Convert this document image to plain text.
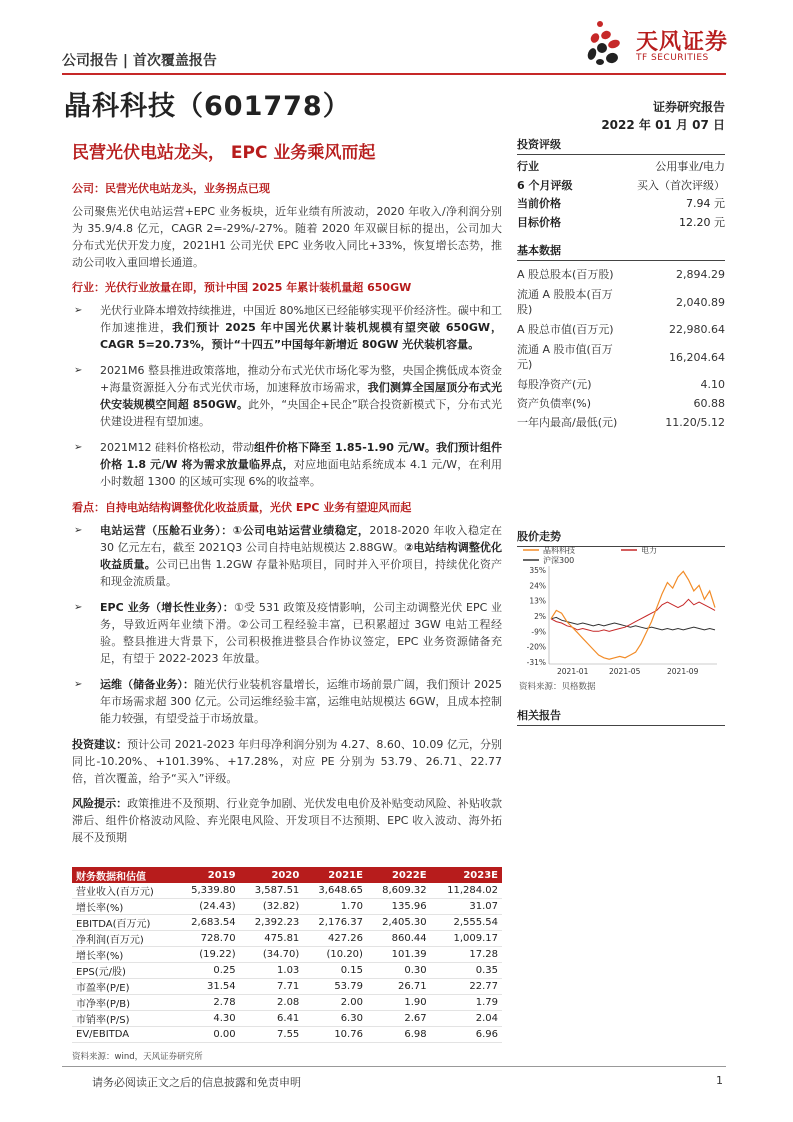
公司报告 | 首次覆盖报告
晶科科技（601778）
天风证券
TF SECURITIES
证券研究报告
2022 年 01 月 07 日
民营光伏电站龙头， EPC 业务乘风而起
公司：民营光伏电站龙头，业务拐点已现
公司聚焦光伏电站运营+EPC 业务板块，近年业绩有所波动，2020 年收入/净利润分别为 35.9/4.8 亿元，CAGR 2=-29%/-27%。随着 2020 年双碳目标的提出，公司加大分布式光伏开发力度，2021H1 公司光伏 EPC 业务收入同比+33%，恢复增长态势，推动公司收入重回增长通道。
行业：光伏行业放量在即，预计中国 2025 年累计装机量超 650GW
➢ 光伏行业降本增效持续推进，中国近 80%地区已经能够实现平价经济性。碳中和工作加速推进，我们预计 2025 年中国光伏累计装机规模有望突破 650GW，CAGR 5=20.73%，预计“十四五”中国每年新增近 80GW 光伏装机容量。
➢ 2021M6 整县推进政策落地，推动分布式光伏市场化零为整，央国企携低成本资金+海量资源挺入分布式光伏市场，加速释放市场需求，我们测算全国屋顶分布式光伏安装规模空间超 850GW。此外，“央国企+民企”联合投资新模式下，分布式光伏建设进程有望加速。
➢ 2021M12 硅料价格松动，带动组件价格下降至 1.85-1.90 元/W。我们预计组件价格 1.8 元/W 将为需求放量临界点，对应地面电站系统成本 4.1 元/W，在利用小时数超 1300 的区域可实现 6%的收益率。
看点：自持电站结构调整优化收益质量，光伏 EPC 业务有望迎风而起
➢ 电站运营（压舱石业务）：①公司电站运营业绩稳定，2018-2020 年收入稳定在 30 亿元左右，截至 2021Q3 公司自持电站规模达 2.88GW。②电站结构调整优化收益质量。公司已出售 1.2GW 存量补贴项目，同时并入平价项目，持续优化资产和现金流质量。
➢ EPC 业务（增长性业务）：①受 531 政策及疫情影响，公司主动调整光伏 EPC 业务，导致近两年业绩下滑。②公司工程经验丰富，已积累超过 3GW 电站工程经验。整县推进大背景下，公司积极推进整县合作协议签定，EPC 业务资源储备充足，有望于 2022-2023 年放量。
➢ 运维（储备业务）：随光伏行业装机容量增长，运维市场前景广阔，我们预计 2025 年市场需求超 300 亿元。公司运维经验丰富，运维电站规模达 6GW，且成本控制能力较强，有望受益于市场放量。
投资建议：预计公司 2021-2023 年归母净利润分别为 4.27、8.60、10.09 亿元，分别同比-10.20%、+101.39%、+17.28%，对应 PE 分别为 53.79、26.71、22.77 倍，首次覆盖，给予“买入”评级。
风险提示：政策推进不及预期、行业竞争加剧、光伏发电电价及补贴变动风险、补贴收款滞后、组件价格波动风险、弃光限电风险、开发项目不达预期、EPC 收入波动、海外拓展不及预期
财务数据和估值	2019	2020	2021E	2022E	2023E
营业收入(百万元)	5,339.80	3,587.51	3,648.65	8,609.32	11,284.02
增长率(%)	(24.43)	(32.82)	1.70	135.96	31.07
EBITDA(百万元)	2,683.54	2,392.23	2,176.37	2,405.30	2,555.54
净利润(百万元)	728.70	475.81	427.26	860.44	1,009.17
增长率(%)	(19.22)	(34.70)	(10.20)	101.39	17.28
EPS(元/股)	0.25	1.03	0.15	0.30	0.35
市盈率(P/E)	31.54	7.71	53.79	26.71	22.77
市净率(P/B)	2.78	2.08	2.00	1.90	1.79
市销率(P/S)	4.30	6.41	6.30	2.67	2.04
EV/EBITDA	0.00	7.55	10.76	6.98	6.96
资料来源：wind，天风证券研究所
投资评级
行业	公用事业/电力
6 个月评级	买入（首次评级）
当前价格	7.94 元
目标价格	12.20 元
基本数据
A 股总股本(百万股)	2,894.29
流通 A 股股本(百万股)
2,040.89
A 股总市值(百万元)	22,980.64
流通 A 股市值(百万元)
16,204.64
每股净资产(元)	4.10
资产负债率(%)	60.88
一年内最高/最低(元)	11.20/5.12
股价走势
晶科科技	电力
沪深300
35%
24%
13%
2%
-9%
-20%
-31%
2021-01	2021-05	2021-09
资料来源：贝格数据
相关报告
请务必阅读正文之后的信息披露和免责申明	1
